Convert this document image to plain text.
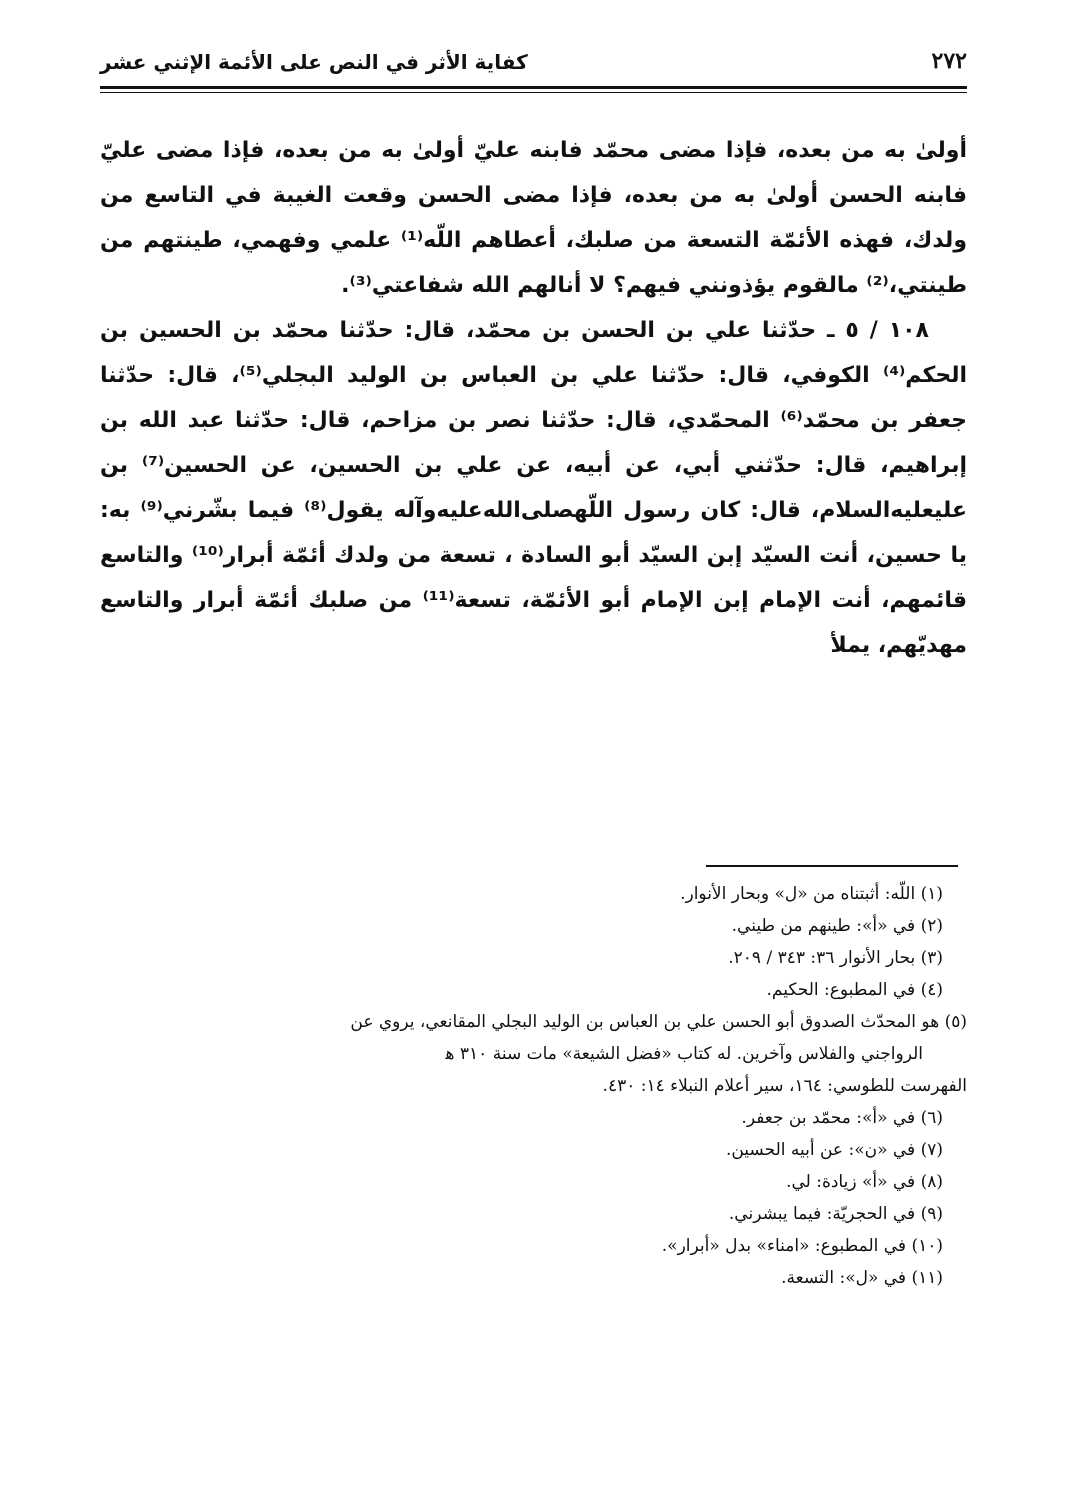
٢٧٢
كفاية الأثر في النص على الأئمة الإثني عشر

أولىٰ به من بعده، فإذا مضى محمّد فابنه عليّ أولىٰ به من بعده، فإذا مضى عليّ فابنه الحسن أولىٰ به من بعده، فإذا مضى الحسن وقعت الغيبة في التاسع من ولدك، فهذه الأئمّة التسعة من صلبك، أعطاهم اللّه⁽¹⁾ علمي وفهمي، طينتهم من طينتي،⁽²⁾ مالقوم يؤذونني فيهم؟ لا أنالهم الله شفاعتي⁽³⁾.

١٠٨ / ٥ ـ حدّثنا علي بن الحسن بن محمّد، قال: حدّثنا محمّد بن الحسين بن الحكم⁽⁴⁾ الكوفي، قال: حدّثنا علي بن العباس بن الوليد البجلي⁽⁵⁾، قال: حدّثنا جعفر بن محمّد⁽⁶⁾ المحمّدي، قال: حدّثنا نصر بن مزاحم، قال: حدّثنا عبد الله بن إبراهيم، قال: حدّثني أبي، عن أبيه، عن علي بن الحسين، عن الحسين⁽⁷⁾ بن عليعليه‌السلام، قال: كان رسول اللّهصلى‌الله‌عليه‌وآله يقول⁽⁸⁾ فيما بشّرني⁽⁹⁾ به: يا حسين، أنت السيّد إبن السيّد أبو السادة ، تسعة من ولدك أئمّة أبرار⁽¹⁰⁾ والتاسع قائمهم، أنت الإمام إبن الإمام أبو الأئمّة، تسعة⁽¹¹⁾ من صلبك أئمّة أبرار والتاسع مهديّهم، يملأ

(١) اللّه: أثبتناه من «ل» وبحار الأنوار.

(٢) في «أ»: طينهم من طيني.

(٣) بحار الأنوار ٣٦: ٣٤٣ / ٢٠٩.

(٤) في المطبوع: الحكيم.

(٥) هو المحدّث الصدوق أبو الحسن علي بن العباس بن الوليد البجلي المقانعي، يروي عن

الرواجني والفلاس وآخرين. له كتاب «فضل الشيعة» مات سنة ٣١٠ ﻫ

الفهرست للطوسي: ١٦٤، سير أعلام النبلاء ١٤: ٤٣٠.

(٦) في «أ»: محمّد بن جعفر.

(٧) في «ن»: عن أبيه الحسين.

(٨) في «أ» زيادة: لي.

(٩) في الحجريّة: فيما يبشرني.

(١٠) في المطبوع: «امناء» بدل «أبرار».

(١١) في «ل»: التسعة.
